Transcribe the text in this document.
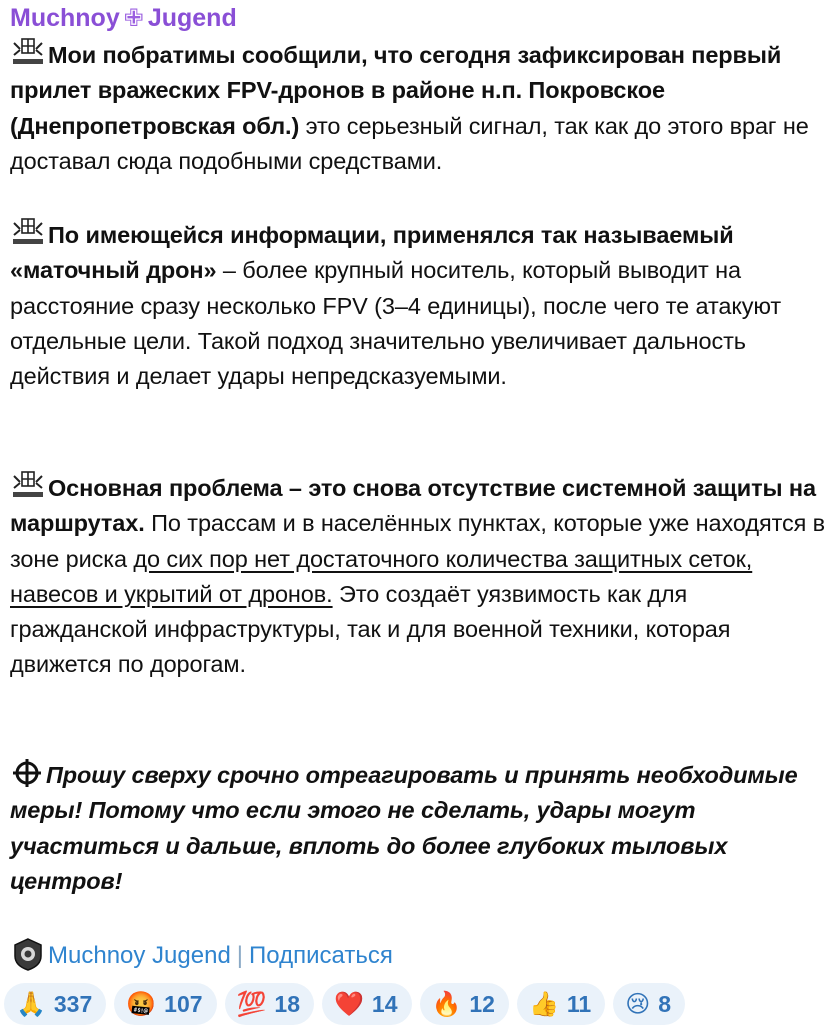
Muchnoy ✙ Jugend
Мои побратимы сообщили, что сегодня зафиксирован первый прилет вражеских FPV-дронов в районе н.п. Покровское (Днепропетровская обл.) это серьезный сигнал, так как до этого враг не доставал сюда подобными средствами.
По имеющейся информации, применялся так называемый «маточный дрон» – более крупный носитель, который выводит на расстояние сразу несколько FPV (3–4 единицы), после чего те атакуют отдельные цели. Такой подход значительно увеличивает дальность действия и делает удары непредсказуемыми.
Основная проблема – это снова отсутствие системной защиты на маршрутах. По трассам и в населённых пунктах, которые уже находятся в зоне риска до сих пор нет достаточного количества защитных сеток, навесов и укрытий от дронов. Это создаёт уязвимость как для гражданской инфраструктуры, так и для военной техники, которая движется по дорогам.
Прошу сверху срочно отреагировать и принять необходимые меры! Потому что если этого не сделать, удары могут участиться и дальше, вплоть до более глубоких тыловых центров!
Muchnoy Jugend | Подписаться
🙏 337 🤬 107 💯 18 ❤️ 14 🔥 12 👍 11 😢 8
